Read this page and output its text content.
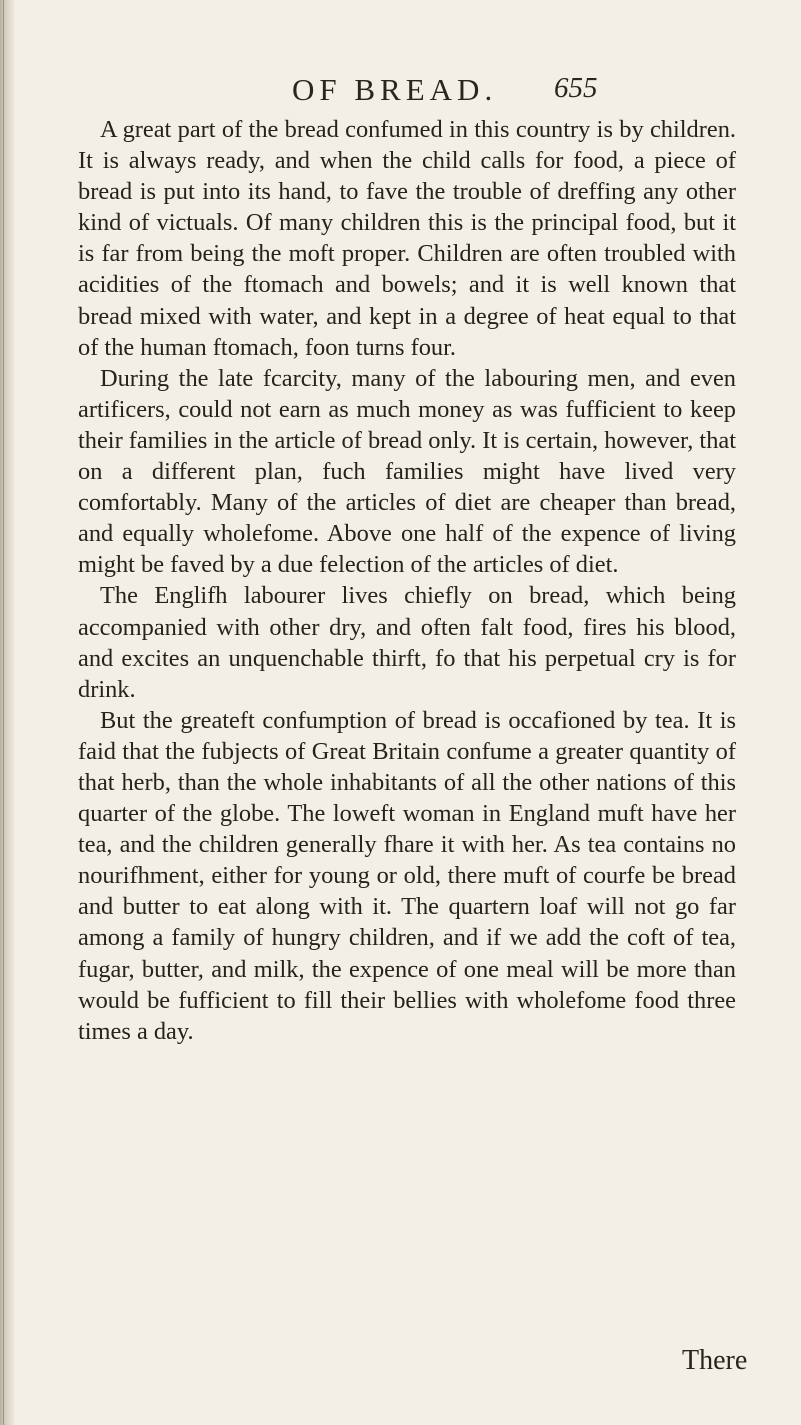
OF BREAD. 655

A great part of the bread confumed in this country is by children. It is always ready, and when the child calls for food, a piece of bread is put into its hand, to fave the trouble of dreffing any other kind of victuals. Of many children this is the principal food, but it is far from being the moft proper. Children are often troubled with acidities of the ftomach and bowels; and it is well known that bread mixed with water, and kept in a degree of heat equal to that of the human ftomach, foon turns four.

During the late fcarcity, many of the labouring men, and even artificers, could not earn as much money as was fufficient to keep their families in the article of bread only. It is certain, however, that on a different plan, fuch families might have lived very comfortably. Many of the articles of diet are cheaper than bread, and equally wholefome. Above one half of the expence of living might be faved by a due felection of the articles of diet.

The Englifh labourer lives chiefly on bread, which being accompanied with other dry, and often falt food, fires his blood, and excites an unquenchable thirft, fo that his perpetual cry is for drink.

But the greateft confumption of bread is occafioned by tea. It is faid that the fubjects of Great Britain confume a greater quantity of that herb, than the whole inhabitants of all the other nations of this quarter of the globe. The loweft woman in England muft have her tea, and the children generally fhare it with her. As tea contains no nourifhment, either for young or old, there muft of courfe be bread and butter to eat along with it. The quartern loaf will not go far among a family of hungry children, and if we add the coft of tea, fugar, butter, and milk, the expence of one meal will be more than would be fufficient to fill their bellies with wholefome food three times a day.

There
